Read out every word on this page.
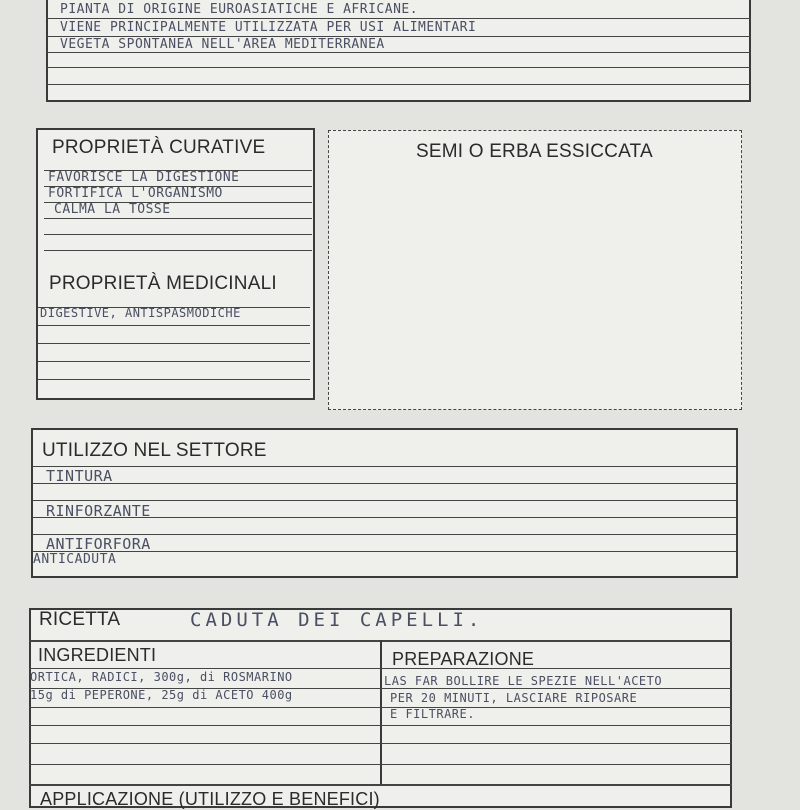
PIANTA DI ORIGINE EUROASIATICHE E AFRICANE.
VIENE PRINCIPALMENTE UTILIZZATA PER USI ALIMENTARI
VEGETA SPONTANEA NELL'AREA MEDITERRANEA
PROPRIETÀ CURATIVE
FAVORISCE LA DIGESTIONE
FORTIFICA L'ORGANISMO
CALMA LA TOSSE
PROPRIETÀ MEDICINALI
DIGESTIVE, ANTISPASMODICHE
SEMI O ERBA ESSICCATA
UTILIZZO NEL SETTORE
TINTURA
RINFORZANTE
ANTIFORFORA
ANTICADUTA
RICETTA	CADUTA DEI CAPELLI.
INGREDIENTI	PREPARAZIONE
ORTICA, RADICI, 300g, di ROSMARINO
15g di PEPERONE, 25g di ACETO 400g
LAS FAR BOLLIRE LE SPEZIE NELL'ACETO
PER 20 MINUTI, LASCIARE RIPOSARE
E FILTRARE.
APPLICAZIONE (UTILIZZO E BENEFICI)
